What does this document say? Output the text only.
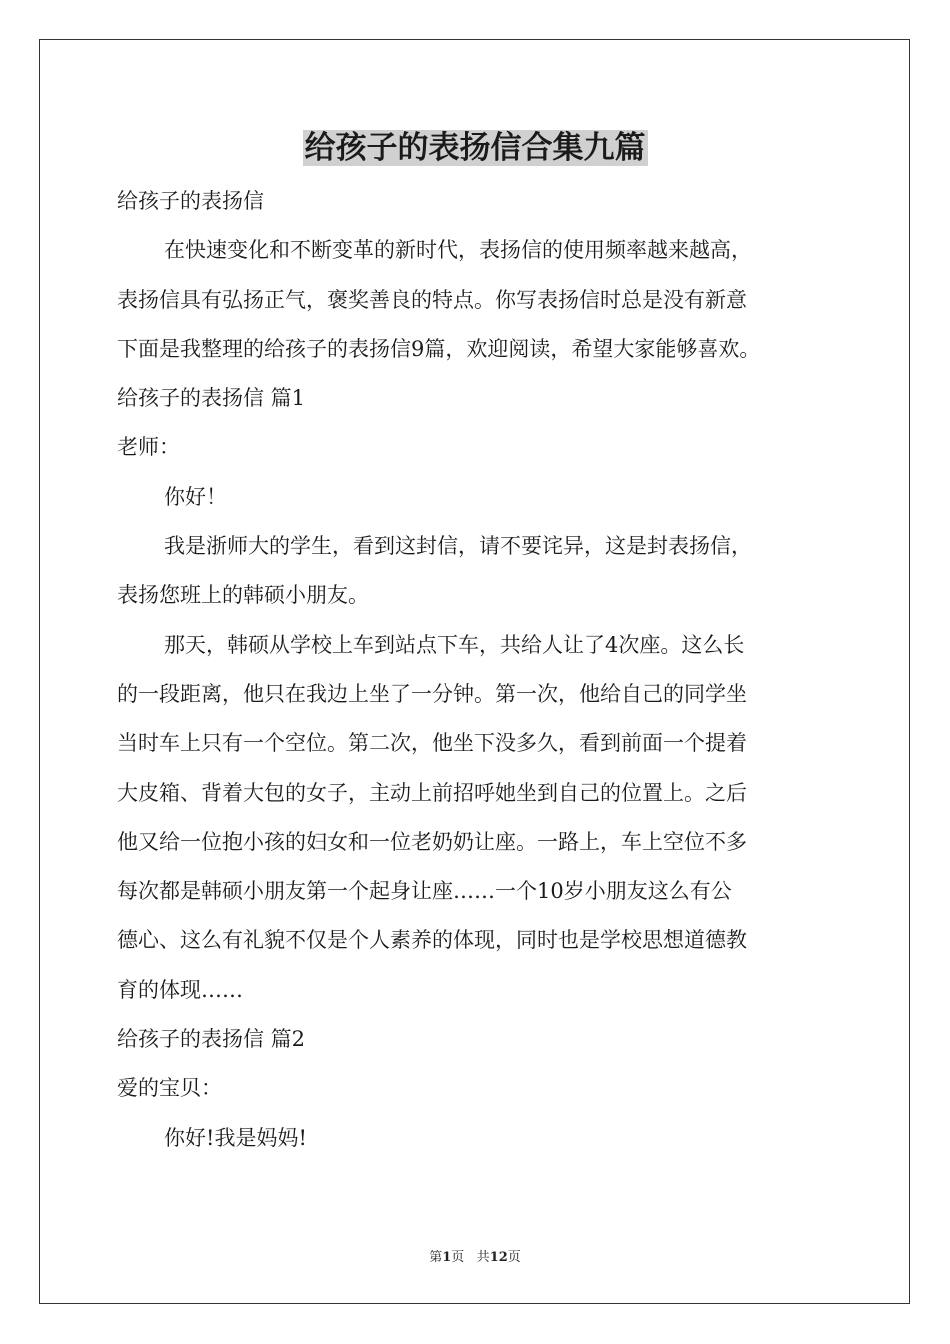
给孩子的表扬信合集九篇
给孩子的表扬信
在快速变化和不断变革的新时代，表扬信的使用频率越来越高，
表扬信具有弘扬正气，褒奖善良的特点。你写表扬信时总是没有新意
下面是我整理的给孩子的表扬信9篇，欢迎阅读，希望大家能够喜欢。
给孩子的表扬信 篇1
老师：
你好！
我是浙师大的学生，看到这封信，请不要诧异，这是封表扬信，
表扬您班上的韩硕小朋友。
那天，韩硕从学校上车到站点下车，共给人让了4次座。这么长
的一段距离，他只在我边上坐了一分钟。第一次，他给自己的同学坐
当时车上只有一个空位。第二次，他坐下没多久，看到前面一个提着
大皮箱、背着大包的女子，主动上前招呼她坐到自己的位置上。之后
他又给一位抱小孩的妇女和一位老奶奶让座。一路上，车上空位不多
每次都是韩硕小朋友第一个起身让座……一个10岁小朋友这么有公
德心、这么有礼貌不仅是个人素养的体现，同时也是学校思想道德教
育的体现……
给孩子的表扬信 篇2
爱的宝贝：
你好!我是妈妈!
第1页 共12页
